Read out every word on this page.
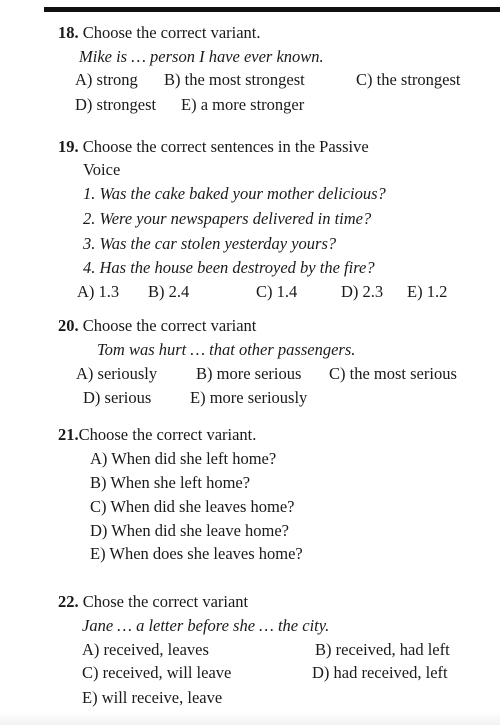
18. Choose the correct variant.
Mike is … person I have ever known.
A) strong B) the most strongest	C) the strongest
D) strongest E) a more stronger
19. Choose the correct sentences in the Passive
Voice
1. Was the cake baked your mother delicious?
2. Were your newspapers delivered in time?
3. Was the car stolen yesterday yours?
4. Has the house been destroyed by the fire?
A) 1.3 B) 2.4	C) 1.4	D) 2.3 E) 1.2
20. Choose the correct variant
Tom was hurt … that other passengers.
A) seriously B) more serious C) the most serious
D) serious E) more seriously
21.Choose the correct variant.
A) When did she left home?
B) When she left home?
C) When did she leaves home?
D) When did she leave home?
E) When does she leaves home?
22. Chose the correct variant
Jane … a letter before she … the city.
A) received, leaves	B) received, had left
C) received, will leave	D) had received, left
E) will receive, leave
